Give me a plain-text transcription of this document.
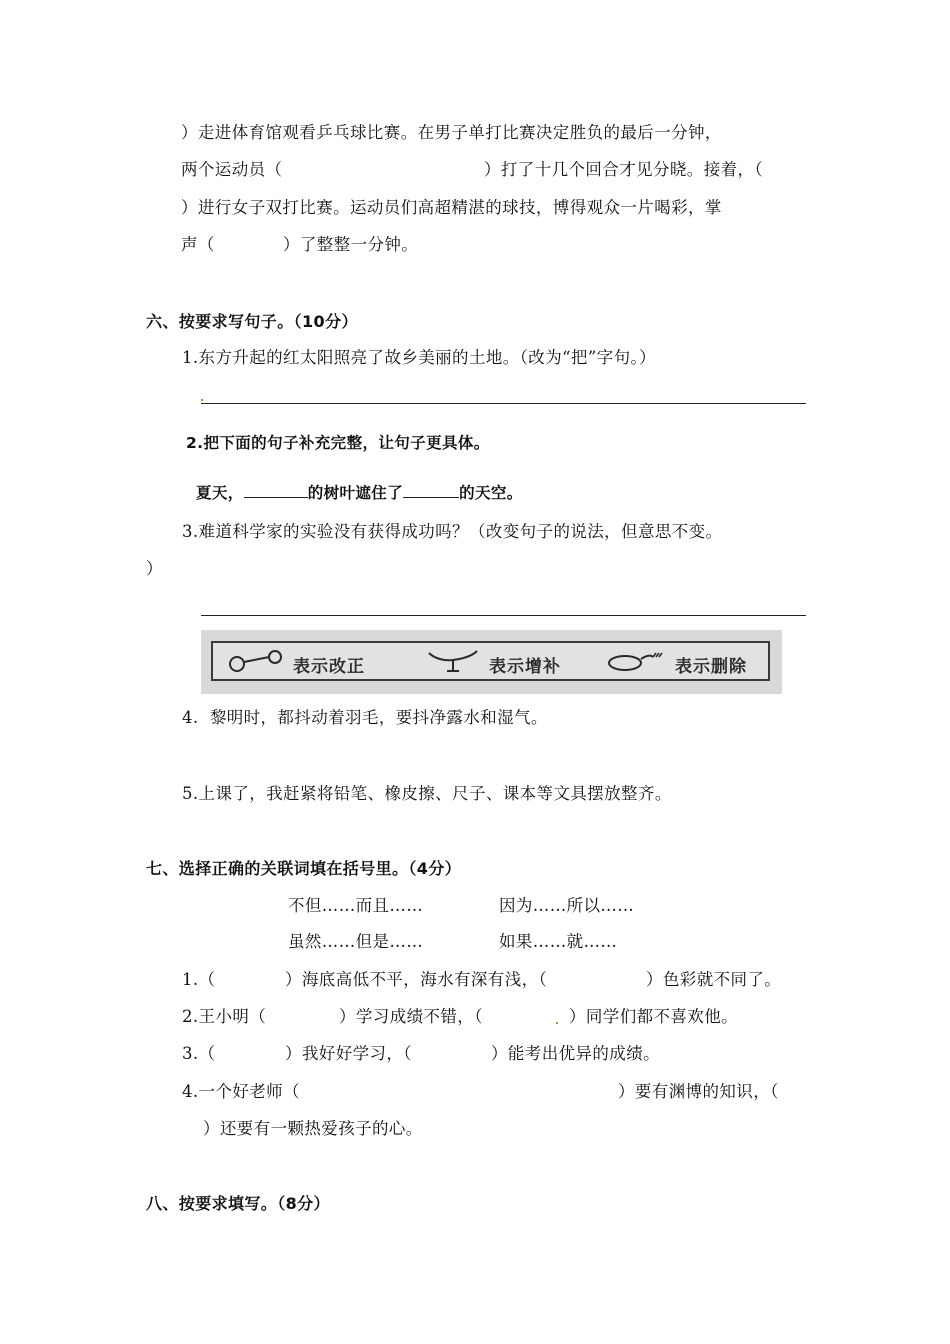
）走进体育馆观看乒乓球比赛。在男子单打比赛决定胜负的最后一分钟，
两个运动员（	）打了十几个回合才见分晓。接着，（
）进行女子双打比赛。运动员们高超精湛的球技，博得观众一片喝彩，掌
声（	）了整整一分钟。
六、按要求写句子。（10分）
1.东方升起的红太阳照亮了故乡美丽的土地。（改为“把”字句。）
2.把下面的句子补充完整，让句子更具体。
夏天，	的树叶遮住了	的天空。
3.难道科学家的实验没有获得成功吗？（改变句子的说法，但意思不变。
）
表示改正	表示增补	表示删除
4.  黎明时，都抖动着羽毛，要抖净露水和湿气。
5.上课了，我赶紧将铅笔、橡皮擦、尺子、课本等文具摆放整齐。
七、选择正确的关联词填在括号里。（4分）
不但……而且……	因为……所以……
虽然……但是……	如果……就……
1.（	）海底高低不平，海水有深有浅，（	）色彩就不同了。
2.王小明（	）学习成绩不错，（	）同学们都不喜欢他。
3.（	）我好好学习，（	）能考出优异的成绩。
4.一个好老师（	）要有渊博的知识，（
）还要有一颗热爱孩子的心。
八、按要求填写。（8分）
